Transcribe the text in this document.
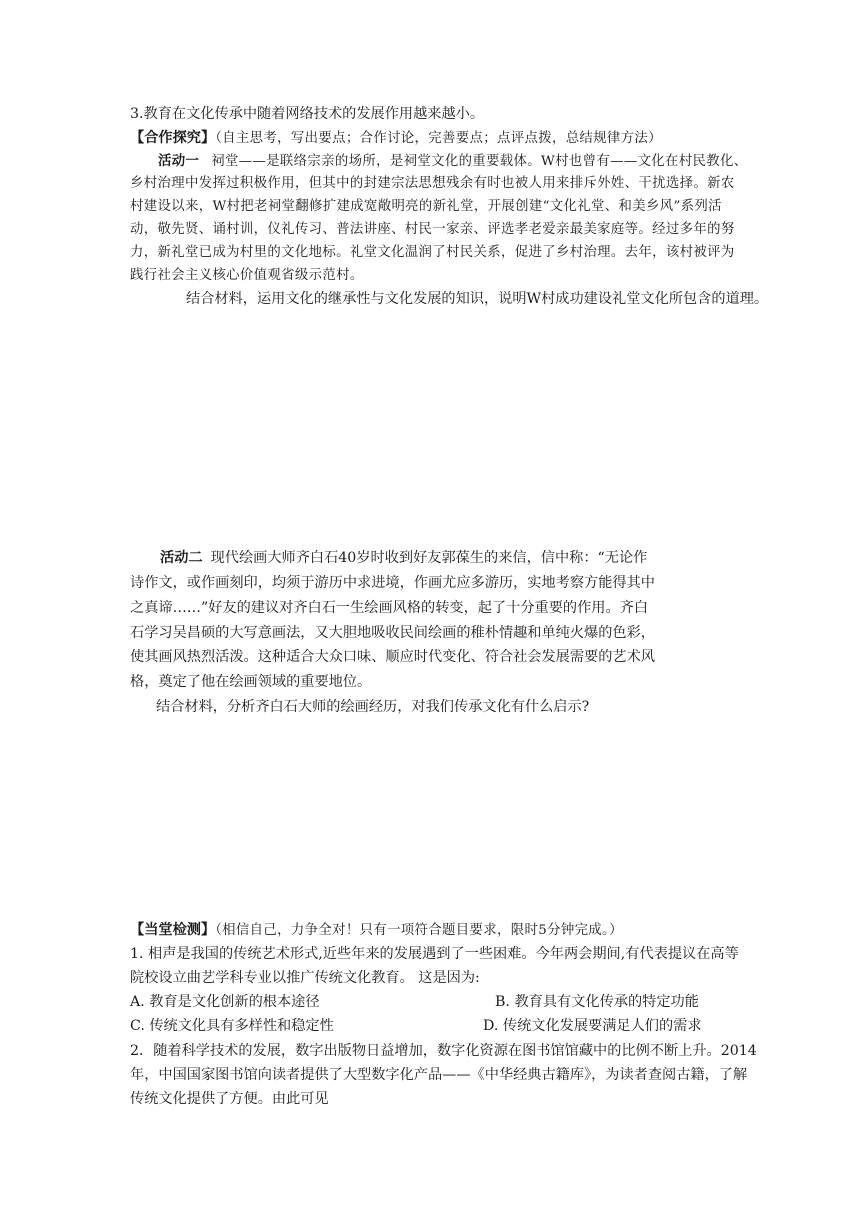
3.教育在文化传承中随着网络技术的发展作用越来越小。
【合作探究】（自主思考，写出要点；合作讨论，完善要点；点评点拨，总结规律方法）
活动一 祠堂——是联络宗亲的场所，是祠堂文化的重要载体。W村也曾有——文化在村民教化、
乡村治理中发挥过积极作用，但其中的封建宗法思想残余有时也被人用来排斥外姓、干扰选择。新农
村建设以来，W村把老祠堂翻修扩建成宽敞明亮的新礼堂，开展创建“文化礼堂、和美乡风”系列活
动，敬先贤、诵村训，仪礼传习、普法讲座、村民一家亲、评选孝老爱亲最美家庭等。经过多年的努
力，新礼堂已成为村里的文化地标。礼堂文化温润了村民关系，促进了乡村治理。去年，该村被评为
践行社会主义核心价值观省级示范村。
结合材料，运用文化的继承性与文化发展的知识，说明W村成功建设礼堂文化所包含的道理。
活动二 现代绘画大师齐白石40岁时收到好友郭葆生的来信，信中称：“无论作
诗作文，或作画刻印，均须于游历中求进境，作画尤应多游历，实地考察方能得其中
之真谛……”好友的建议对齐白石一生绘画风格的转变，起了十分重要的作用。齐白
石学习吴昌硕的大写意画法，又大胆地吸收民间绘画的稚朴情趣和单纯火爆的色彩，
使其画风热烈活泼。这种适合大众口味、顺应时代变化、符合社会发展需要的艺术风
格，奠定了他在绘画领域的重要地位。
结合材料，分析齐白石大师的绘画经历，对我们传承文化有什么启示?
【当堂检测】（相信自己，力争全对！只有一项符合题目要求，限时5分钟完成。）
1. 相声是我国的传统艺术形式,近些年来的发展遇到了一些困难。今年两会期间,有代表提议在高等
院校设立曲艺学科专业以推广传统文化教育。 这是因为:
A. 教育是文化创新的根本途径	B. 教育具有文化传承的特定功能
C. 传统文化具有多样性和稳定性	D. 传统文化发展要满足人们的需求
2．随着科学技术的发展，数字出版物日益增加，数字化资源在图书馆馆藏中的比例不断上升。2014
年，中国国家图书馆向读者提供了大型数字化产品——《中华经典古籍库》，为读者查阅古籍，了解
传统文化提供了方便。由此可见
